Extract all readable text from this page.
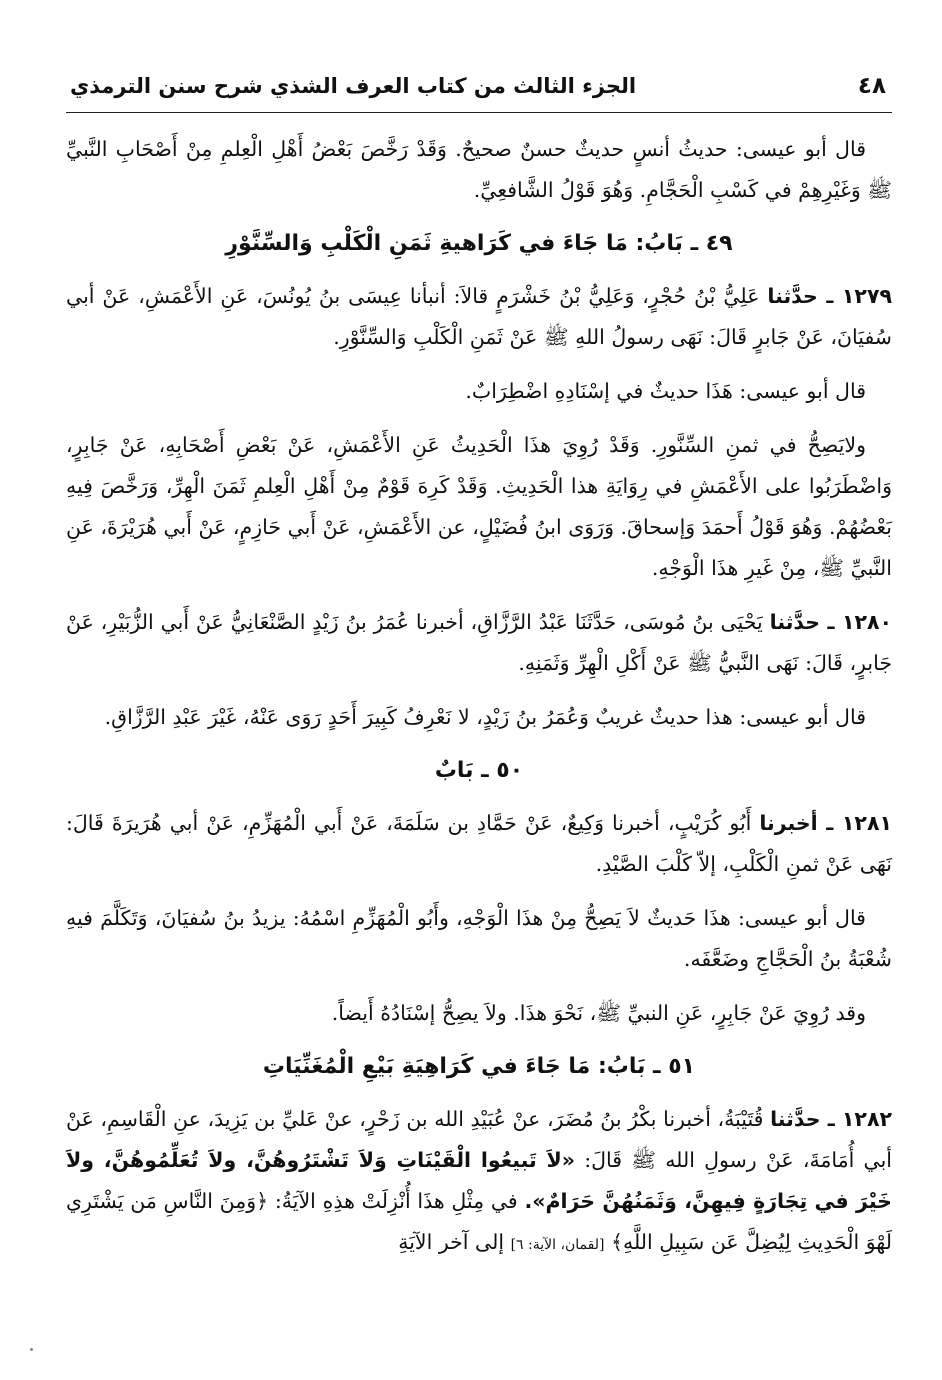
٤٨
الجزء الثالث من كتاب العرف الشذي شرح سنن الترمذي

قال أبو عيسى: حديثُ أنسٍ حديثٌ حسنٌ صحيحٌ. وَقَدْ رَخَّصَ بَعْضُ أَهْلِ الْعِلمِ مِنْ أَصْحَابِ النَّبيِّ ﷺ وَغَيْرِهِمْ في كَسْبِ الْحَجَّامِ. وَهُوَ قَوْلُ الشَّافعِيِّ.

٤٩ ـ بَابُ: مَا جَاءَ في كَرَاهيةِ ثَمَنِ الْكَلْبِ وَالسِّنَّوْرِ

١٢٧٩ ـ حدَّثنا عَلِيُّ بْنُ حُجْرٍ، وَعَلِيُّ بْنُ خَشْرَمٍ قالاَ: أنبأنا عِيسَى بنُ يُونُسَ، عَنِ الأَعْمَشِ، عَنْ أبي سُفيَانَ، عَنْ جَابرٍ قَالَ: نَهَى رسولُ اللهِ ﷺ عَنْ ثَمَنِ الْكَلْبِ وَالسِّنَّوْرِ.

قال أبو عيسى: هَذَا حديثٌ في إسْنَادِهِ اضْطِرَابٌ.

ولايَصِحُّ في ثمنِ السِّنَّورِ. وَقَدْ رُوِيَ هذَا الْحَدِيثُ عَنِ الأَعْمَشِ، عَنْ بَعْضِ أَصْحَابِهِ، عَنْ جَابِرٍ، وَاضْطَرَبُوا على الأَعْمَشِ في رِوَايَةِ هذا الْحَدِيثِ. وَقَدْ كَرِهَ قَوْمٌ مِنْ أَهْلِ الْعِلمِ ثَمَنَ الْهِرِّ، وَرَخَّصَ فِيهِ بَعْضُهُمْ. وَهُوَ قَوْلُ أَحمَدَ وَإسحاقَ. وَرَوَى ابنُ فُضَيْلٍ، عن الأَعْمَشِ، عَنْ أَبي حَازِمٍ، عَنْ أَبي هُرَيْرَةَ، عَنِ النَّبيِّ ﷺ، مِنْ غَيرِ هذَا الْوَجْهِ.

١٢٨٠ ـ حدَّثنا يَحْيَى بنُ مُوسَى، حَدَّثَنَا عَبْدُ الرَّزَّاقِ، أخبرنا عُمَرُ بنُ زَيْدٍ الصَّنْعَانِيُّ عَنْ أَبي الزُّبَيْرِ، عَنْ جَابرٍ، قَالَ: نَهَى النَّبيُّ ﷺ عَنْ أَكْلِ الْهِرِّ وَثَمَنِهِ.

قال أبو عيسى: هذا حديثٌ غريبٌ وَعُمَرُ بنُ زَيْدٍ، لا نَعْرِفُ كَبِيرَ أَحَدٍ رَوَى عَنْهُ، غَيْرَ عَبْدِ الرَّزَّاقِ.

٥٠ ـ بَابٌ

١٢٨١ ـ أخبرنا أَبُو كُرَيْبٍ، أخبرنا وَكِيعٌ، عَنْ حَمَّادِ بن سَلَمَةَ، عَنْ أَبي الْمُهَزِّمِ، عَنْ أبي هُرَيرَةَ قَالَ: نَهَى عَنْ ثمنِ الْكَلْبِ، إلاّ كَلْبَ الصَّيْدِ.

قال أبو عيسى: هذَا حَديثٌ لاَ يَصِحُّ مِنْ هذَا الْوَجْهِ، وأَبُو الْمُهَزِّمِ اسْمُهُ: يزيدُ بنُ سُفيَانَ، وَتَكَلَّمَ فيهِ شُعْبَةُ بنُ الْحَجَّاجِ وضَعَّفَه.

وقد رُوِيَ عَنْ جَابِرٍ، عَنِ النبيِّ ﷺ، نَحْوَ هذَا. ولاَ يصِحُّ إسْنَادُهُ أَيضاً.

٥١ ـ بَابُ: مَا جَاءَ في كَرَاهِيَةِ بَيْعِ الْمُغَنِّيَاتِ

١٢٨٢ ـ حدَّثنا قُتَيْبَةُ، أخبرنا بكْرُ بنُ مُضَرَ، عنْ عُبَيْدِ الله بن زَحْرٍ، عنْ عَليِّ بن يَزِيدَ، عنِ الْقَاسِمِ، عَنْ أبي أُمَامَةَ، عَنْ رسولِ الله ﷺ قَالَ: «لاَ تَبيعُوا الْقَيْنَاتِ وَلاَ تَشْتَرُوهُنَّ، ولاَ تُعَلِّمُوهُنَّ، ولاَ خَيْرَ في تِجَارَةٍ فِيهِنَّ، وَثَمَنُهُنَّ حَرَامٌ». في مِثْلِ هذَا أُنْزِلَتْ هذِهِ الآيَةُ: ﴿وَمِنَ النَّاسِ مَن يَشْتَرِي لَهْوَ الْحَدِيثِ لِيُضِلَّ عَن سَبِيلِ اللَّهِ﴾ [لقمان، الآية: ٦] إلى آخر الآيَةِ
